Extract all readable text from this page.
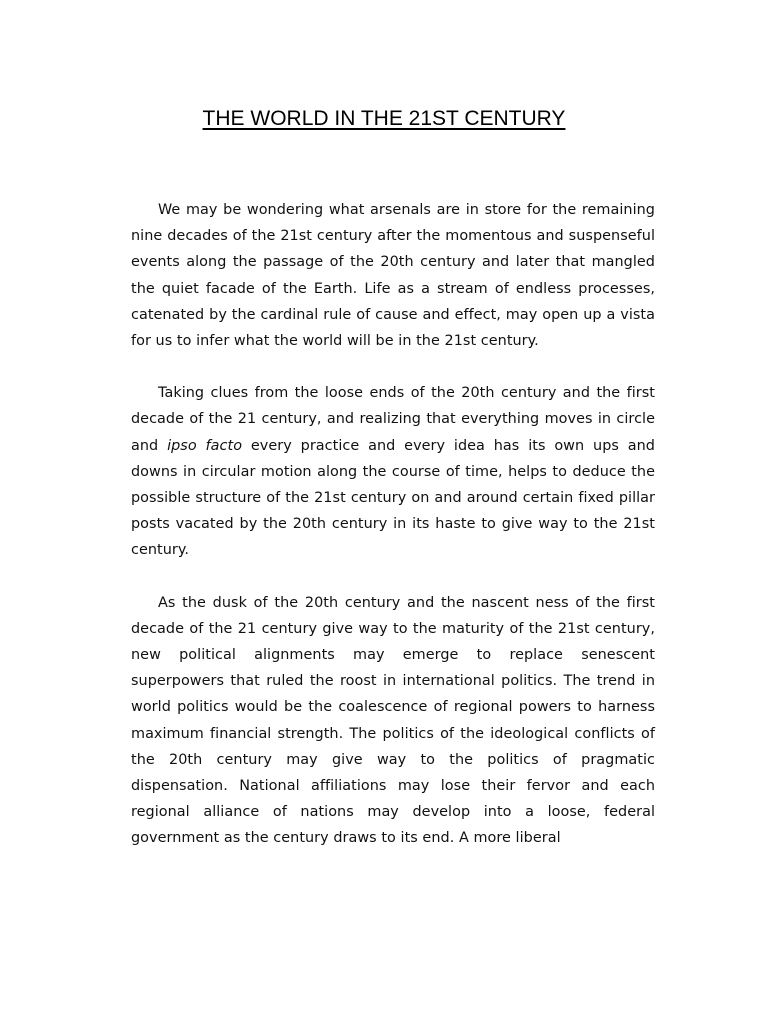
THE WORLD IN THE 21ST CENTURY

We may be wondering what arsenals are in store for the remaining nine decades of the 21st century after the momentous and suspenseful events along the passage of the 20th century and later that mangled the quiet facade of the Earth. Life as a stream of endless processes, catenated by the cardinal rule of cause and effect, may open up a vista for us to infer what the world will be in the 21st century.

Taking clues from the loose ends of the 20th century and the first decade of the 21 century, and realizing that everything moves in circle and ipso facto every practice and every idea has its own ups and downs in circular motion along the course of time, helps to deduce the possible structure of the 21st century on and around certain fixed pillar posts vacated by the 20th century in its haste to give way to the 21st century.

As the dusk of the 20th century and the nascent ness of the first decade of the 21 century give way to the maturity of the 21st century, new political alignments may emerge to replace senescent superpowers that ruled the roost in international politics. The trend in world politics would be the coalescence of regional powers to harness maximum financial strength. The politics of the ideological conflicts of the 20th century may give way to the politics of pragmatic dispensation. National affiliations may lose their fervor and each regional alliance of nations may develop into a loose, federal government as the century draws to its end. A more liberal
